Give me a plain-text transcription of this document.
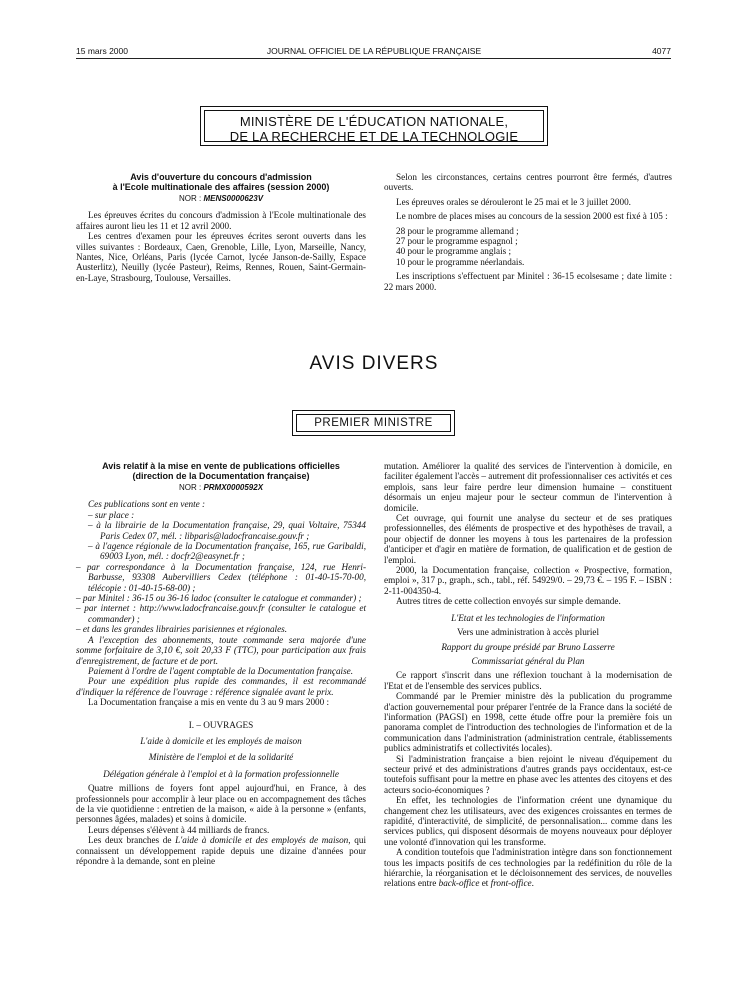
15 mars 2000	JOURNAL OFFICIEL DE LA RÉPUBLIQUE FRANÇAISE	4077
MINISTÈRE DE L'ÉDUCATION NATIONALE,
DE LA RECHERCHE ET DE LA TECHNOLOGIE

Avis d'ouverture du concours d'admission

à l'Ecole multinationale des affaires (session 2000)

NOR : MENS0000623V

Les épreuves écrites du concours d'admission à l'Ecole multinationale des affaires auront lieu les 11 et 12 avril 2000.

Les centres d'examen pour les épreuves écrites seront ouverts dans les villes suivantes : Bordeaux, Caen, Grenoble, Lille, Lyon, Marseille, Nancy, Nantes, Nice, Orléans, Paris (lycée Carnot, lycée Janson-de-Sailly, Espace Austerlitz), Neuilly (lycée Pasteur), Reims, Rennes, Rouen, Saint-Germain-en-Laye, Strasbourg, Toulouse, Versailles.

Selon les circonstances, certains centres pourront être fermés, d'autres ouverts.

Les épreuves orales se dérouleront le 25 mai et le 3 juillet 2000.

Le nombre de places mises au concours de la session 2000 est fixé à 105 :

28 pour le programme allemand ;

27 pour le programme espagnol ;

40 pour le programme anglais ;

10 pour le programme néerlandais.

Les inscriptions s'effectuent par Minitel : 36-15 ecolsesame ; date limite : 22 mars 2000.

AVIS DIVERS
PREMIER MINISTRE

Avis relatif à la mise en vente de publications officielles

(direction de la Documentation française)

NOR : PRMX0000592X

Ces publications sont en vente :

– sur place :

– à la librairie de la Documentation française, 29, quai Voltaire, 75344 Paris Cedex 07, mél. : libparis@ladocfrancaise.gouv.fr ;

– à l'agence régionale de la Documentation française, 165, rue Garibaldi, 69003 Lyon, mél. : docfr2@easynet.fr ;

– par correspondance à la Documentation française, 124, rue Henri-Barbusse, 93308 Aubervilliers Cedex (téléphone : 01-40-15-70-00, télécopie : 01-40-15-68-00) ;

– par Minitel : 36-15 ou 36-16 ladoc (consulter le catalogue et commander) ;

– par internet : http://www.ladocfrancaise.gouv.fr (consulter le catalogue et commander) ;

– et dans les grandes librairies parisiennes et régionales.

A l'exception des abonnements, toute commande sera majorée d'une somme forfaitaire de 3,10 €, soit 20,33 F (TTC), pour participation aux frais d'enregistrement, de facture et de port.

Paiement à l'ordre de l'agent comptable de la Documentation française.

Pour une expédition plus rapide des commandes, il est recommandé d'indiquer la référence de l'ouvrage : référence signalée avant le prix.

La Documentation française a mis en vente du 3 au 9 mars 2000 :

I. – OUVRAGES

L'aide à domicile et les employés de maison

Ministère de l'emploi et de la solidarité

Délégation générale à l'emploi et à la formation professionnelle

Quatre millions de foyers font appel aujourd'hui, en France, à des professionnels pour accomplir à leur place ou en accompagnement des tâches de la vie quotidienne : entretien de la maison, « aide à la personne » (enfants, personnes âgées, malades) et soins à domicile.

Leurs dépenses s'élèvent à 44 milliards de francs.

Les deux branches de L'aide à domicile et des employés de maison, qui connaissent un développement rapide depuis une dizaine d'années pour répondre à la demande, sont en pleine

mutation. Améliorer la qualité des services de l'intervention à domicile, en faciliter également l'accès – autrement dit professionnaliser ces activités et ces emplois, sans leur faire perdre leur dimension humaine – constituent désormais un enjeu majeur pour le secteur commun de l'intervention à domicile.

Cet ouvrage, qui fournit une analyse du secteur et de ses pratiques professionnelles, des éléments de prospective et des hypothèses de travail, a pour objectif de donner les moyens à tous les partenaires de la profession d'anticiper et d'agir en matière de formation, de qualification et de gestion de l'emploi.

2000, la Documentation française, collection « Prospective, formation, emploi », 317 p., graph., sch., tabl., réf. 54929/0. – 29,73 €. – 195 F. – ISBN : 2-11-004350-4.

Autres titres de cette collection envoyés sur simple demande.

L'Etat et les technologies de l'information

Vers une administration à accès pluriel

Rapport du groupe présidé par Bruno Lasserre

Commissariat général du Plan

Ce rapport s'inscrit dans une réflexion touchant à la modernisation de l'Etat et de l'ensemble des services publics.

Commandé par le Premier ministre dès la publication du programme d'action gouvernemental pour préparer l'entrée de la France dans la société de l'information (PAGSI) en 1998, cette étude offre pour la première fois un panorama complet de l'introduction des technologies de l'information et de la communication dans l'administration (administration centrale, établissements publics administratifs et collectivités locales).

Si l'administration française a bien rejoint le niveau d'équipement du secteur privé et des administrations d'autres grands pays occidentaux, est-ce toutefois suffisant pour la mettre en phase avec les attentes des citoyens et des acteurs socio-économiques ?

En effet, les technologies de l'information créent une dynamique du changement chez les utilisateurs, avec des exigences croissantes en termes de rapidité, d'interactivité, de simplicité, de personnalisation... comme dans les services publics, qui disposent désormais de moyens nouveaux pour déployer une volonté d'innovation qui les transforme.

A condition toutefois que l'administration intègre dans son fonctionnement tous les impacts positifs de ces technologies par la redéfinition du rôle de la hiérarchie, la réorganisation et le décloisonnement des services, de nouvelles relations entre back-office et front-office.
